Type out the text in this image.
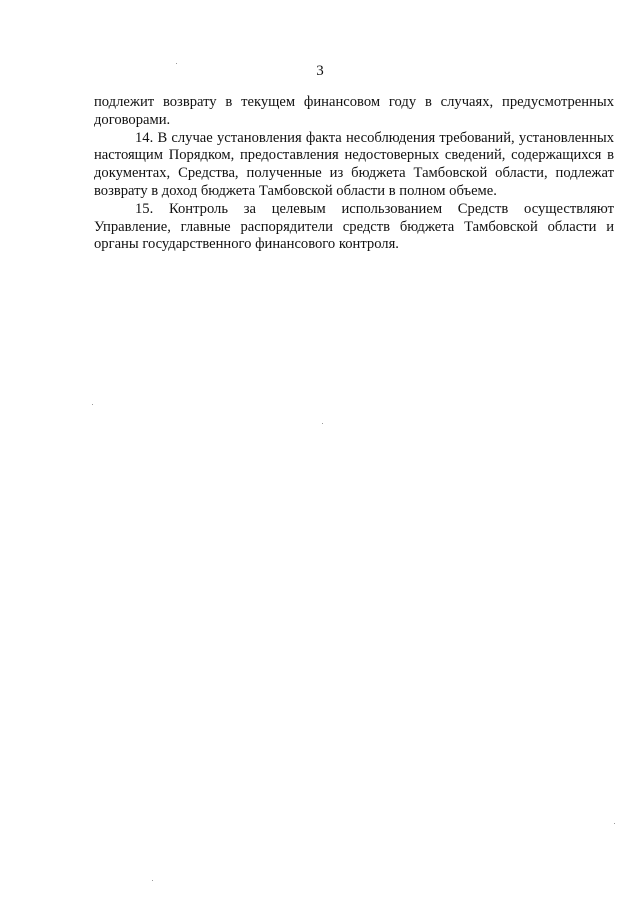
3

подлежит возврату в текущем финансовом году в случаях, предусмотренных договорами.

14. В случае установления факта несоблюдения требований, установленных настоящим Порядком, предоставления недостоверных сведений, содержащихся в документах, Средства, полученные из бюджета Тамбовской области, подлежат возврату в доход бюджета Тамбовской области в полном объеме.

15. Контроль за целевым использованием Средств осуществляют Управление, главные распорядители средств бюджета Тамбовской области и органы государственного финансового контроля.
